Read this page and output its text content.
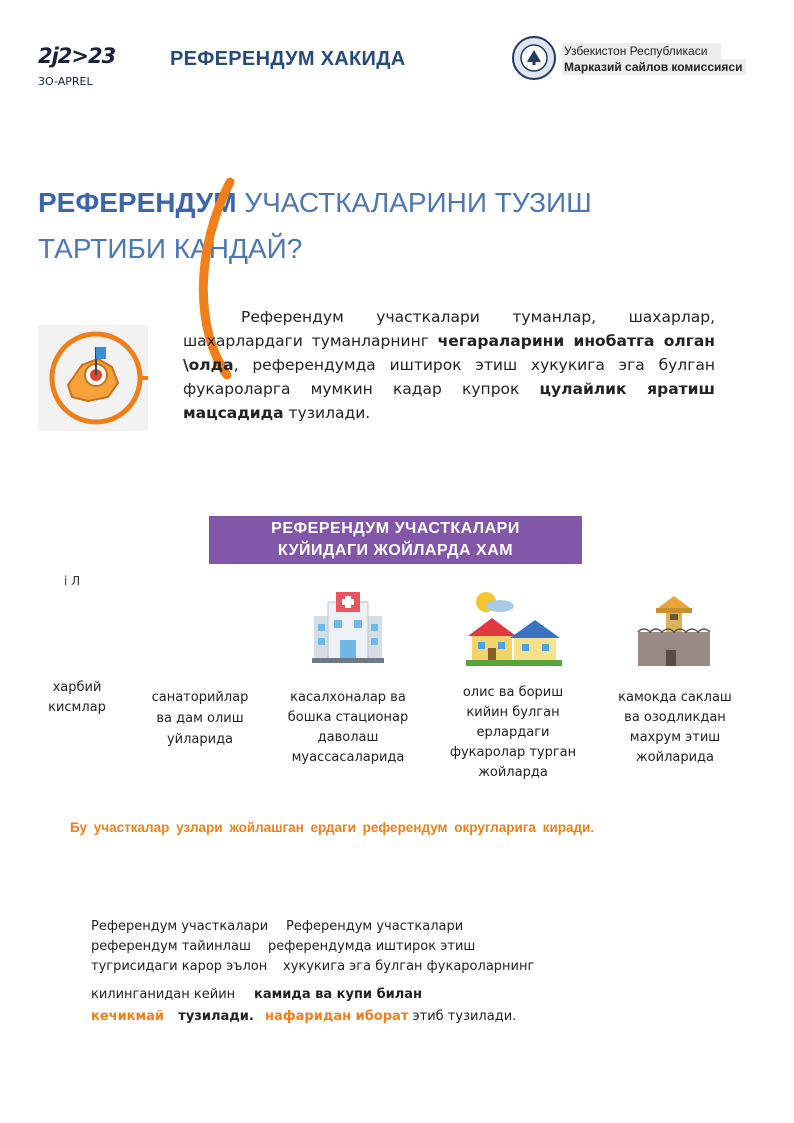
2j2>23
3O-APREL
РЕФЕРЕНДУМ ХАКИДА	Узбекистон Республикаси
Марказий сайлов комиссияси
РЕФЕРЕНДУМ УЧАСТКАЛАРИНИ ТУЗИШ
ТАРТИБИ КАНДАЙ?
Референдум участкалари туманлар, шахарлар, шахарлардаги туманларнинг чегараларини инобатга олган \олда, референдумда иштирок этиш хукукига эга булган фукароларга мумкин кадар купрок цулайлик яратиш мацсадида тузилади.
РЕФЕРЕНДУМ УЧАСТКАЛАРИ
КУЙИДАГИ ЖОЙЛАРДА ХАМ
і Л
харбий
кисмлар
санаторийлар
ва дам олиш
уйларида
касалхоналар ва
бошка стационар
даволаш
муассасаларида
олис ва бориш
кийин булган
ерлардаги
фукаролар турган
жойларда
камокда саклаш
ва озодликдан
махрум этиш
жойларида
Бу участкалар узлари жойлашган ердаги референдум округларига киради.
Референдум участкалари Референдум участкалари
референдум тайинлаш референдумда иштирок этиш
тугрисидаги карор эълон хукукига эга булган фукароларнинг
килинганидан кейин камида ва купи билан
кечикмай тузилади. нафаридан иборат этиб тузилади.
